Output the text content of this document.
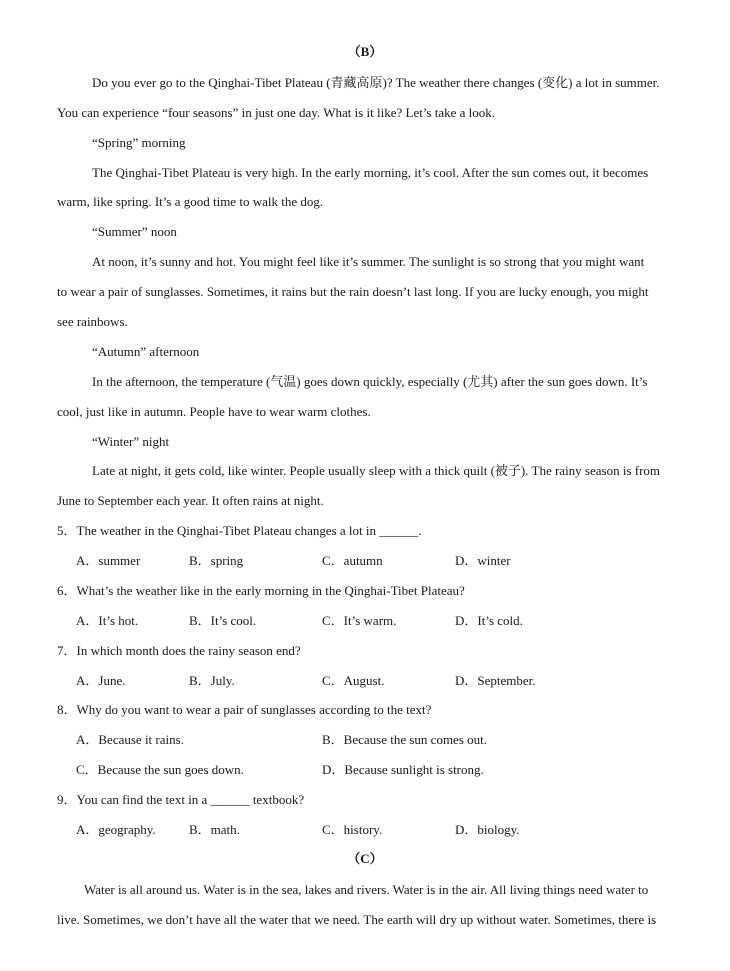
（B）
Do you ever go to the Qinghai-Tibet Plateau (青藏高原)? The weather there changes (变化) a lot in summer.
You can experience “four seasons” in just one day. What is it like? Let’s take a look.
“Spring” morning
The Qinghai-Tibet Plateau is very high. In the early morning, it’s cool. After the sun comes out, it becomes
warm, like spring. It’s a good time to walk the dog.
“Summer” noon
At noon, it’s sunny and hot. You might feel like it’s summer. The sunlight is so strong that you might want
to wear a pair of sunglasses. Sometimes, it rains but the rain doesn’t last long. If you are lucky enough, you might
see rainbows.
“Autumn” afternoon
In the afternoon, the temperature (气温) goes down quickly, especially (尤其) after the sun goes down. It’s
cool, just like in autumn. People have to wear warm clothes.
“Winter” night
Late at night, it gets cold, like winter. People usually sleep with a thick quilt (被子). The rainy season is from
June to September each year. It often rains at night.
5．The weather in the Qinghai-Tibet Plateau changes a lot in ______.
A．summer	B．spring	C．autumn	D．winter
6．What’s the weather like in the early morning in the Qinghai-Tibet Plateau?
A．It’s hot.	B．It’s cool.	C．It’s warm.	D．It’s cold.
7．In which month does the rainy season end?
A．June.	B．July.	C．August.	D．September.
8．Why do you want to wear a pair of sunglasses according to the text?
A．Because it rains.	B．Because the sun comes out.
C．Because the sun goes down.	D．Because sunlight is strong.
9．You can find the text in a ______ textbook?
A．geography.	B．math.	C．history.	D．biology.
（C）
Water is all around us. Water is in the sea, lakes and rivers. Water is in the air. All living things need water to
live. Sometimes, we don’t have all the water that we need. The earth will dry up without water. Sometimes, there is
